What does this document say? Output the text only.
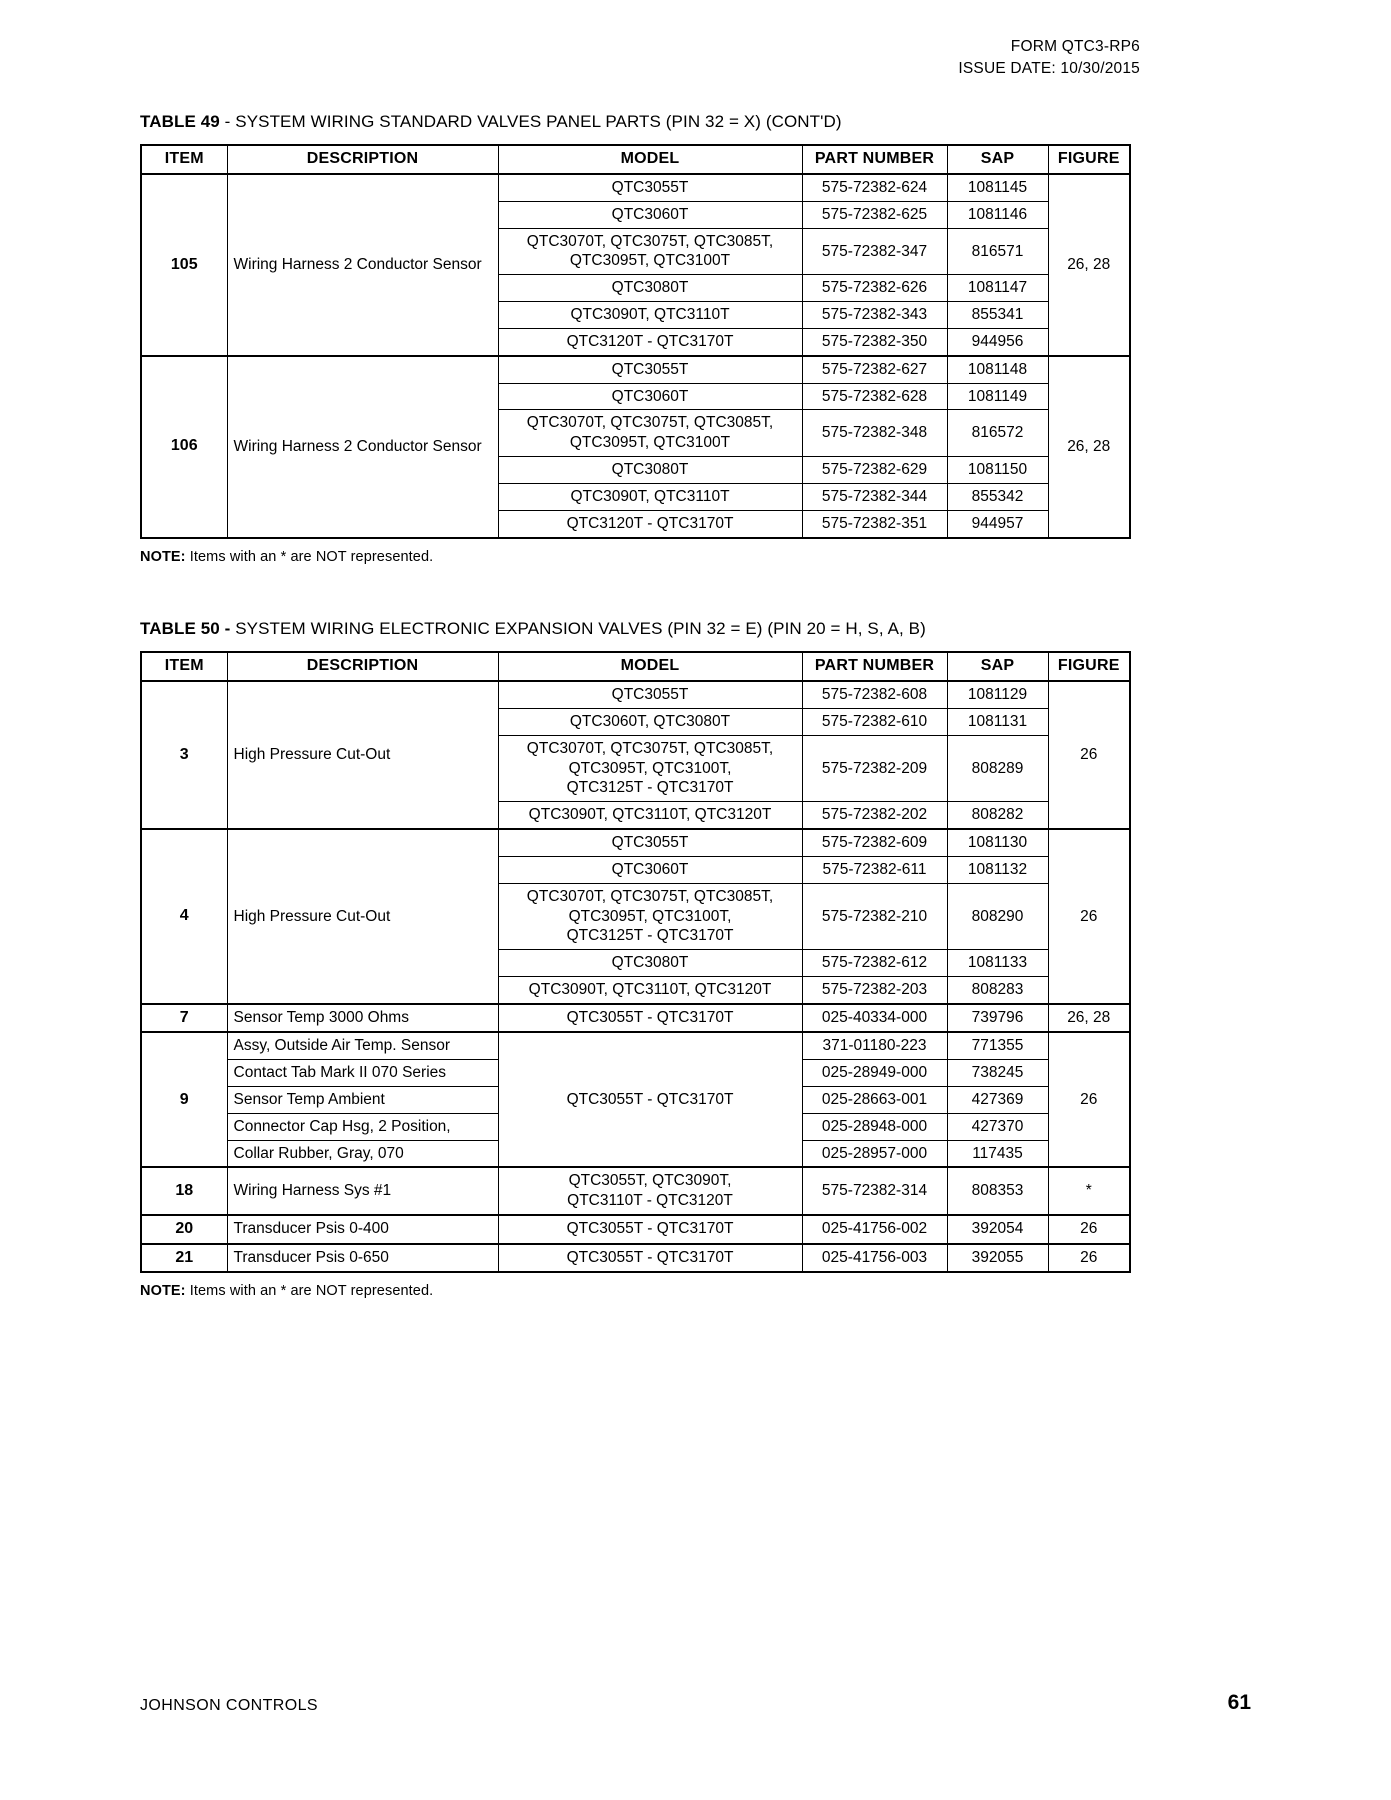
FORM QTC3-RP6
ISSUE DATE: 10/30/2015

TABLE 49 - SYSTEM WIRING STANDARD VALVES PANEL PARTS (PIN 32 = X) (CONT'D)

ITEM	DESCRIPTION	MODEL	PART NUMBER	SAP	FIGURE
105	Wiring Harness 2 Conductor Sensor	QTC3055T	575-72382-624	1081145	26, 28
		QTC3060T	575-72382-625	1081146	
		QTC3070T, QTC3075T, QTC3085T,
QTC3095T, QTC3100T	575-72382-347	816571	
		QTC3080T	575-72382-626	1081147	
		QTC3090T, QTC3110T	575-72382-343	855341	
		QTC3120T - QTC3170T	575-72382-350	944956	
106	Wiring Harness 2 Conductor Sensor	QTC3055T	575-72382-627	1081148	26, 28
		QTC3060T	575-72382-628	1081149	
		QTC3070T, QTC3075T, QTC3085T,
QTC3095T, QTC3100T	575-72382-348	816572	
		QTC3080T	575-72382-629	1081150	
		QTC3090T, QTC3110T	575-72382-344	855342	
		QTC3120T - QTC3170T	575-72382-351	944957	

NOTE: Items with an * are NOT represented.

TABLE 50 - SYSTEM WIRING ELECTRONIC EXPANSION VALVES (PIN 32 = E) (PIN 20 = H, S, A, B)

ITEM	DESCRIPTION	MODEL	PART NUMBER	SAP	FIGURE
3	High Pressure Cut-Out	QTC3055T	575-72382-608	1081129	26
		QTC3060T, QTC3080T	575-72382-610	1081131	
		QTC3070T, QTC3075T, QTC3085T,
QTC3095T, QTC3100T,
QTC3125T - QTC3170T	575-72382-209	808289	
		QTC3090T, QTC3110T, QTC3120T	575-72382-202	808282	
4	High Pressure Cut-Out	QTC3055T	575-72382-609	1081130	26
		QTC3060T	575-72382-611	1081132	
		QTC3070T, QTC3075T, QTC3085T,
QTC3095T, QTC3100T,
QTC3125T - QTC3170T	575-72382-210	808290	
		QTC3080T	575-72382-612	1081133	
		QTC3090T, QTC3110T, QTC3120T	575-72382-203	808283	
7	Sensor Temp 3000 Ohms	QTC3055T - QTC3170T	025-40334-000	739796	26, 28
9	Assy, Outside Air Temp. Sensor	QTC3055T - QTC3170T	371-01180-223	771355	26
	Contact Tab Mark II 070 Series		025-28949-000	738245	
	Sensor Temp Ambient		025-28663-001	427369	
	Connector Cap Hsg, 2 Position,		025-28948-000	427370	
	Collar Rubber, Gray, 070		025-28957-000	117435	
18	Wiring Harness Sys #1	QTC3055T, QTC3090T,
QTC3110T - QTC3120T	575-72382-314	808353	*
20	Transducer Psis 0-400	QTC3055T - QTC3170T	025-41756-002	392054	26
21	Transducer Psis 0-650	QTC3055T - QTC3170T	025-41756-003	392055	26

NOTE: Items with an * are NOT represented.

JOHNSON CONTROLS	61
